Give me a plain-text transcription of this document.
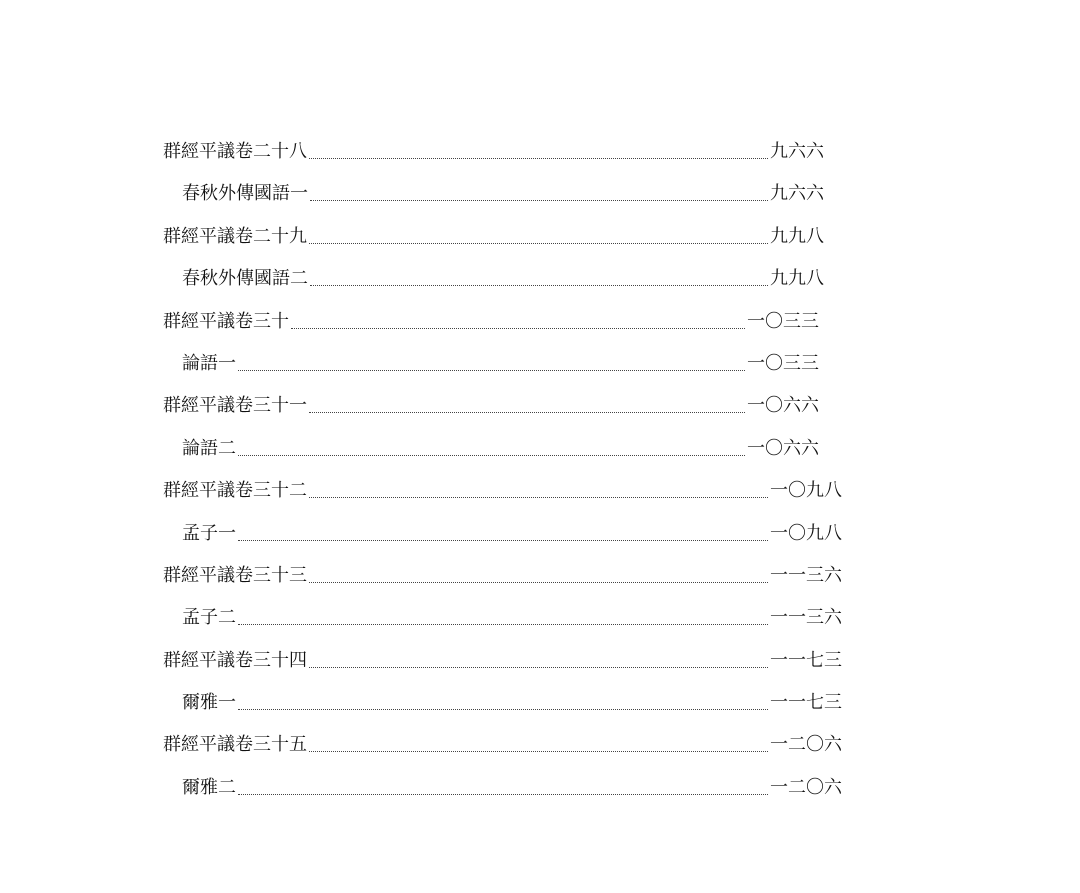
群經平議卷二十八	九六六
春秋外傳國語一	九六六
群經平議卷二十九	九九八
春秋外傳國語二	九九八
群經平議卷三十	一〇三三
論語一	一〇三三
群經平議卷三十一	一〇六六
論語二	一〇六六
群經平議卷三十二	一〇九八
孟子一	一〇九八
群經平議卷三十三	一一三六
孟子二	一一三六
群經平議卷三十四	一一七三
爾雅一	一一七三
群經平議卷三十五	一二〇六
爾雅二	一二〇六
